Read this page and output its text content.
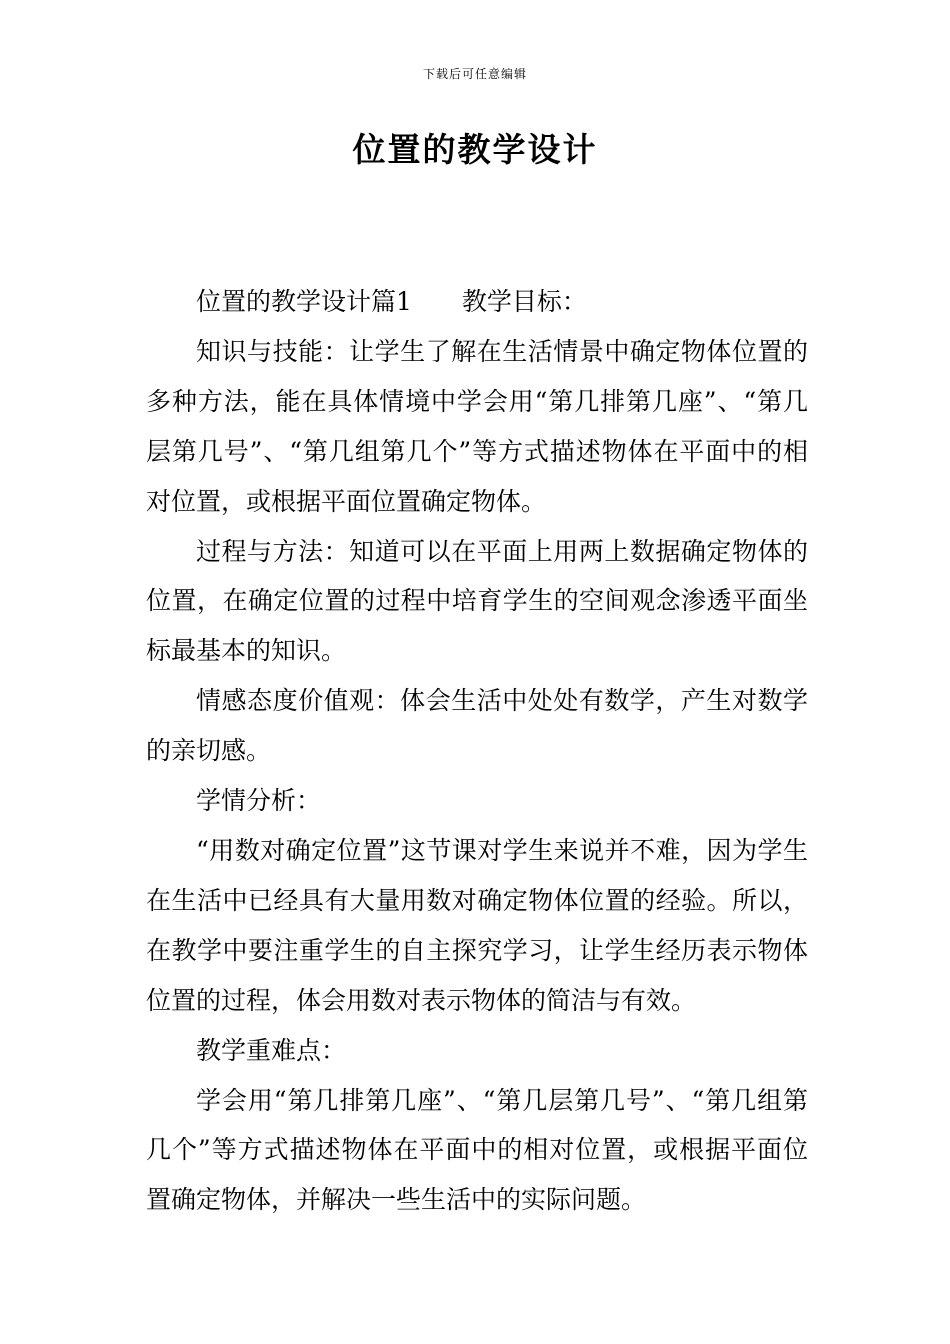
下载后可任意编辑
位置的教学设计

位置的教学设计篇1 教学目标：

知识与技能：让学生了解在生活情景中确定物体位置的多种方法，能在具体情境中学会用“第几排第几座”、“第几层第几号”、“第几组第几个”等方式描述物体在平面中的相对位置，或根据平面位置确定物体。

过程与方法：知道可以在平面上用两上数据确定物体的位置，在确定位置的过程中培育学生的空间观念渗透平面坐标最基本的知识。

情感态度价值观：体会生活中处处有数学，产生对数学的亲切感。

学情分析：

“用数对确定位置”这节课对学生来说并不难，因为学生在生活中已经具有大量用数对确定物体位置的经验。所以，在教学中要注重学生的自主探究学习，让学生经历表示物体位置的过程，体会用数对表示物体的简洁与有效。

教学重难点：

学会用“第几排第几座”、“第几层第几号”、“第几组第几个”等方式描述物体在平面中的相对位置，或根据平面位置确定物体，并解决一些生活中的实际问题。
